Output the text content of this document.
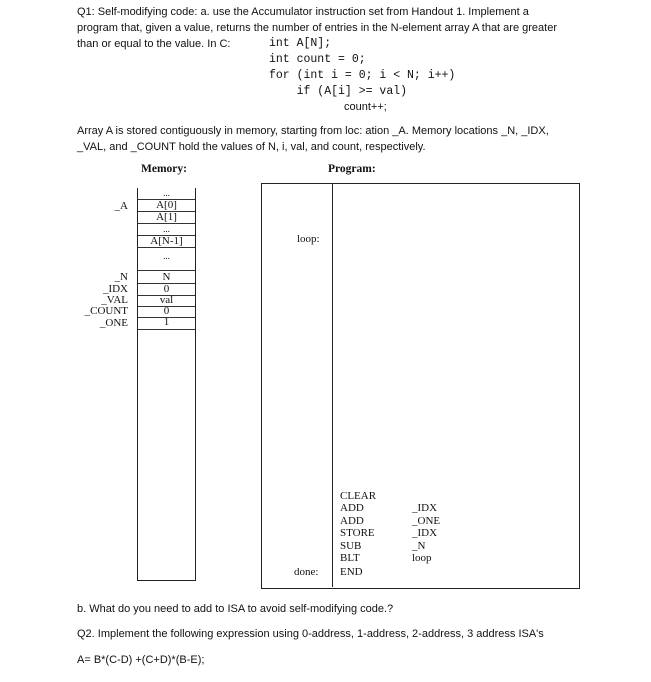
Q1: Self-modifying code: a. use the Accumulator instruction set from Handout 1. Implement a
program that, given a value, returns the number of entries in the N-element array A that are greater
than or equal to the value. In C:	int A[N];
int count = 0;
for (int i = 0; i < N; i++)
if (A[i] >= val)
count++;
Array A is stored contiguously in memory, starting from loc: ation _A. Memory locations _N, _IDX,
_VAL, and _COUNT hold the values of N, i, val, and count, respectively.
Memory:	Program:
_A
_N
_IDX
_VAL
_COUNT
_ONE
...
A[0]
A[1]
...
A[N-1]
...
N
0
val
0
1
loop:
CLEAR
ADD
ADD
STORE
SUB
BLT
END
done:
_IDX
_ONE
_IDX
_N
loop
b. What do you need to add to ISA to avoid self-modifying code.?
Q2. Implement the following expression using 0-address, 1-address, 2-address, 3 address ISA's
A= B*(C-D) +(C+D)*(B-E);
